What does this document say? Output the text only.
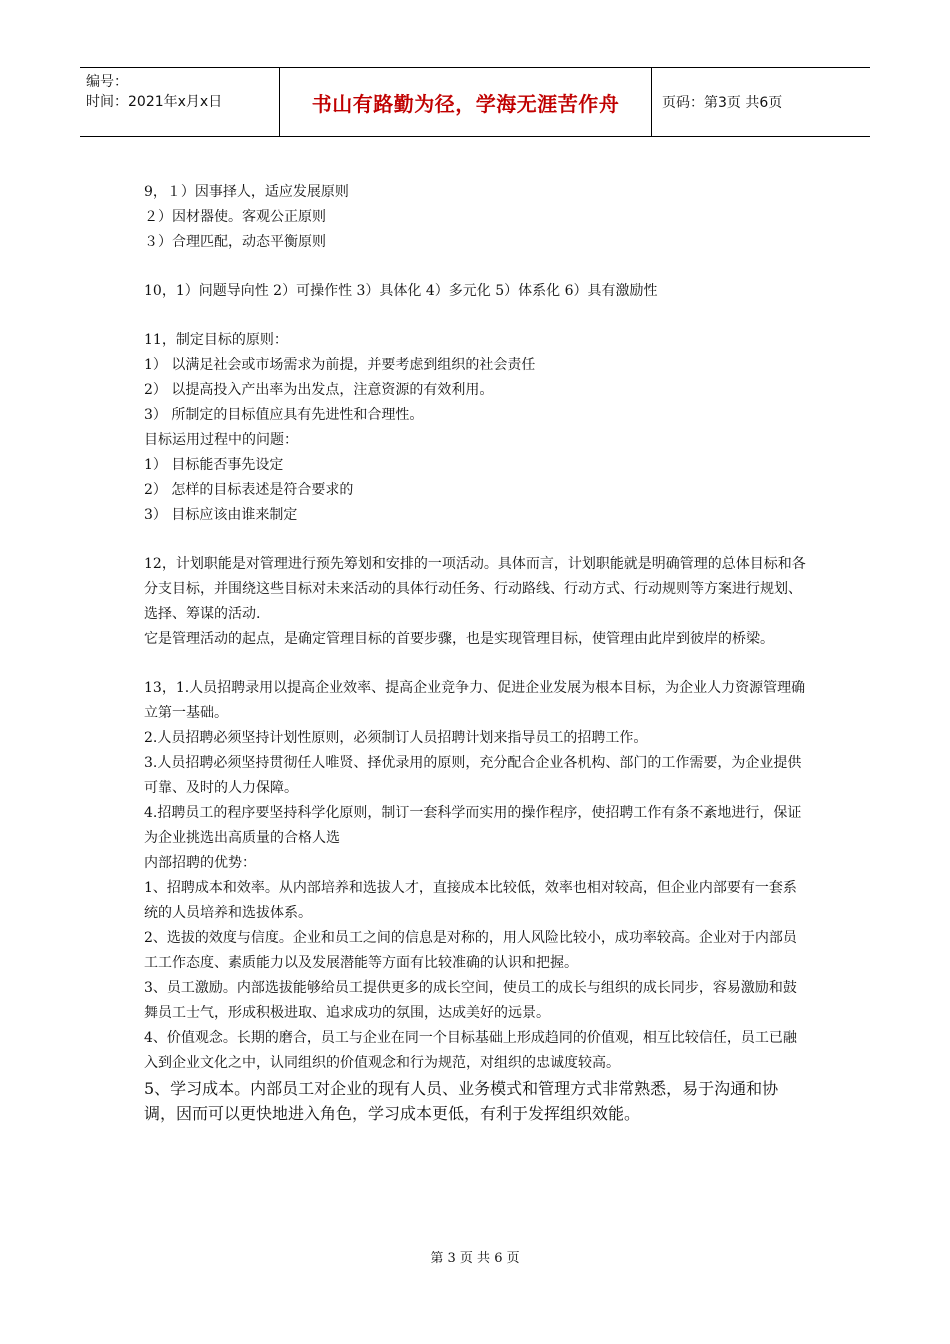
编号：
时间：2021年x月x日	书山有路勤为径，学海无涯苦作舟	页码：第3页 共6页

9，１）因事择人，适应发展原则

２）因材器使。客观公正原则

３）合理匹配，动态平衡原则

10，1）问题导向性 2）可操作性 3）具体化 4）多元化 5）体系化 6）具有激励性

11，制定目标的原则：

1） 以满足社会或市场需求为前提，并要考虑到组织的社会责任

2） 以提高投入产出率为出发点，注意资源的有效利用。

3） 所制定的目标值应具有先进性和合理性。

目标运用过程中的问题：

1） 目标能否事先设定

2） 怎样的目标表述是符合要求的

3） 目标应该由谁来制定

12，计划职能是对管理进行预先筹划和安排的一项活动。具体而言，计划职能就是明确管理的总体目标和各分支目标，并围绕这些目标对未来活动的具体行动任务、行动路线、行动方式、行动规则等方案进行规划、选择、筹谋的活动.

它是管理活动的起点，是确定管理目标的首要步骤，也是实现管理目标，使管理由此岸到彼岸的桥梁。

13，1.人员招聘录用以提高企业效率、提高企业竞争力、促进企业发展为根本目标，为企业人力资源管理确立第一基础。

2.人员招聘必须坚持计划性原则，必须制订人员招聘计划来指导员工的招聘工作。

3.人员招聘必须坚持贯彻任人唯贤、择优录用的原则，充分配合企业各机构、部门的工作需要，为企业提供可靠、及时的人力保障。

4.招聘员工的程序要坚持科学化原则，制订一套科学而实用的操作程序，使招聘工作有条不紊地进行，保证为企业挑选出高质量的合格人选

内部招聘的优势：

1、招聘成本和效率。从内部培养和选拔人才，直接成本比较低，效率也相对较高，但企业内部要有一套系统的人员培养和选拔体系。

2、选拔的效度与信度。企业和员工之间的信息是对称的，用人风险比较小，成功率较高。企业对于内部员工工作态度、素质能力以及发展潜能等方面有比较准确的认识和把握。

3、员工激励。内部选拔能够给员工提供更多的成长空间，使员工的成长与组织的成长同步，容易激励和鼓舞员工士气，形成积极进取、追求成功的氛围，达成美好的远景。

4、价值观念。长期的磨合，员工与企业在同一个目标基础上形成趋同的价值观，相互比较信任，员工已融入到企业文化之中，认同组织的价值观念和行为规范，对组织的忠诚度较高。

5、学习成本。内部员工对企业的现有人员、业务模式和管理方式非常熟悉，易于沟通和协调，因而可以更快地进入角色，学习成本更低，有利于发挥组织效能。

第 3 页 共 6 页
